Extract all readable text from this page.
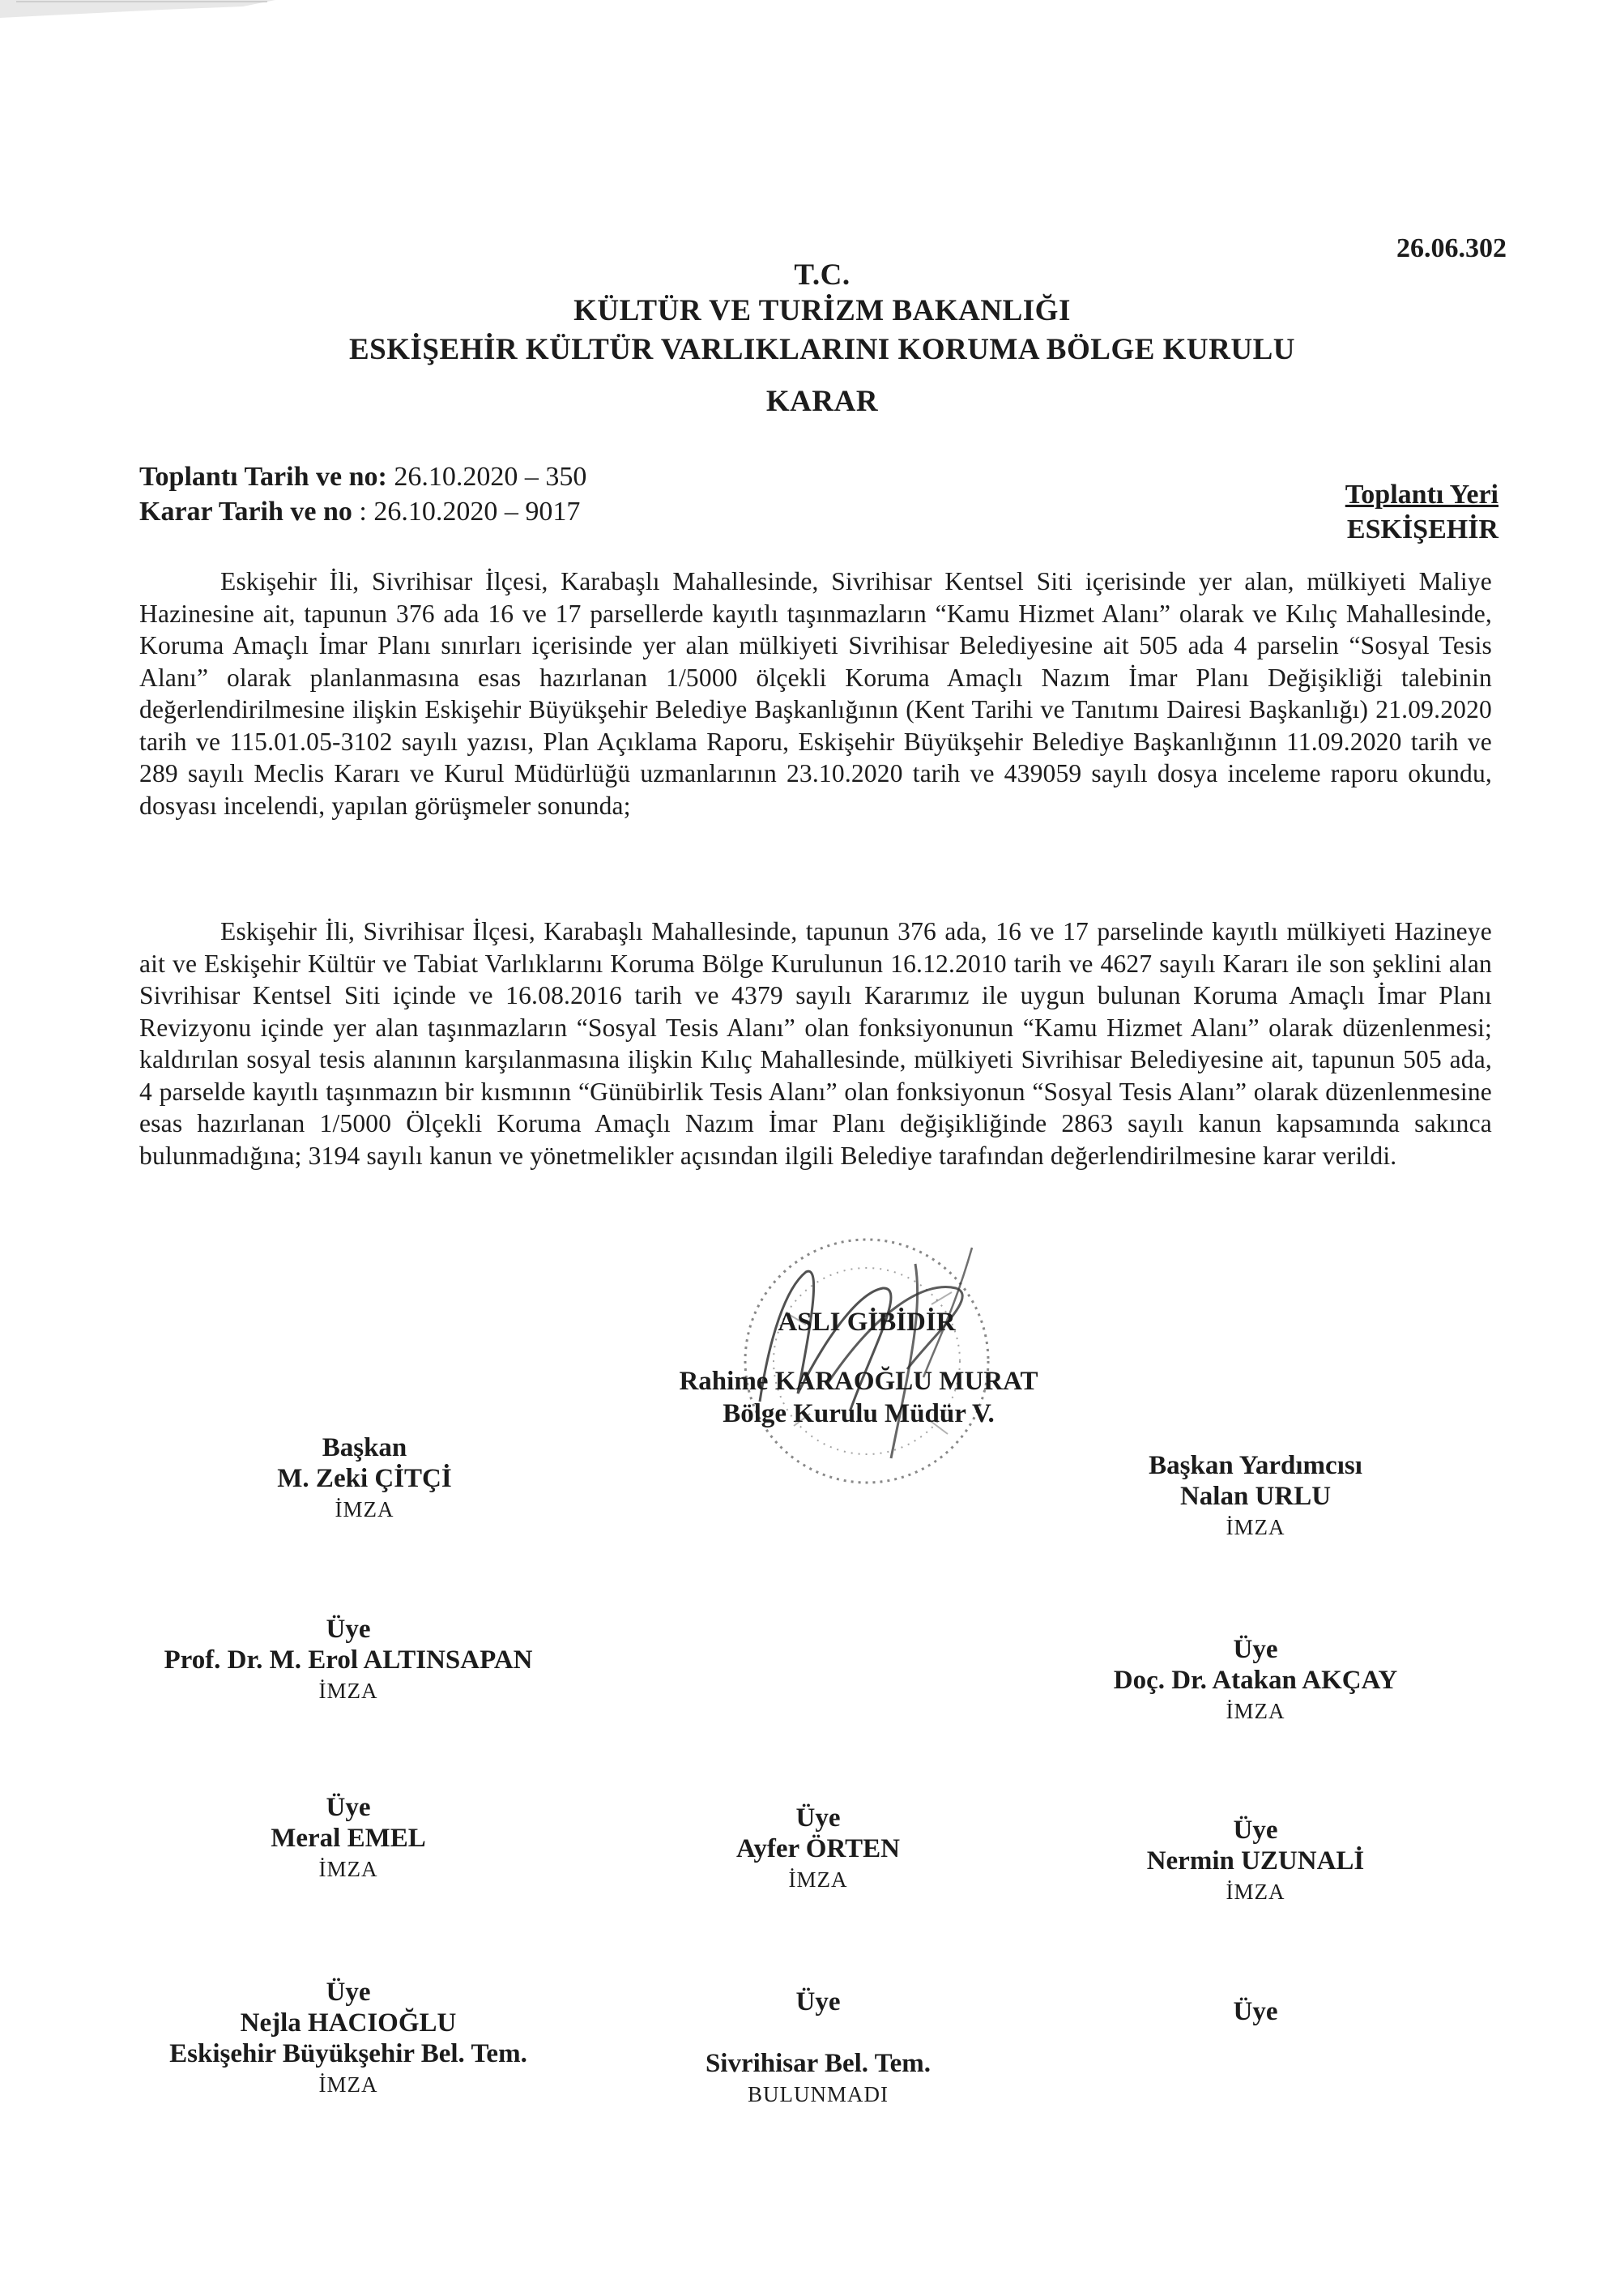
26.06.302
T.C.
KÜLTÜR VE TURİZM BAKANLIĞI
ESKİŞEHİR KÜLTÜR VARLIKLARINI KORUMA BÖLGE KURULU
KARAR
Toplantı Tarih ve no: 26.10.2020 – 350
Karar Tarih ve no : 26.10.2020 – 9017
Toplantı Yeri
ESKİŞEHİR
Eskişehir İli, Sivrihisar İlçesi, Karabaşlı Mahallesinde, Sivrihisar Kentsel Siti içerisinde yer alan, mülkiyeti Maliye Hazinesine ait, tapunun 376 ada 16 ve 17 parsellerde kayıtlı taşınmazların “Kamu Hizmet Alanı” olarak ve Kılıç Mahallesinde, Koruma Amaçlı İmar Planı sınırları içerisinde yer alan mülkiyeti Sivrihisar Belediyesine ait 505 ada 4 parselin “Sosyal Tesis Alanı” olarak planlanmasına esas hazırlanan 1/5000 ölçekli Koruma Amaçlı Nazım İmar Planı Değişikliği talebinin değerlendirilmesine ilişkin Eskişehir Büyükşehir Belediye Başkanlığının (Kent Tarihi ve Tanıtımı Dairesi Başkanlığı) 21.09.2020 tarih ve 115.01.05-3102 sayılı yazısı, Plan Açıklama Raporu, Eskişehir Büyükşehir Belediye Başkanlığının 11.09.2020 tarih ve 289 sayılı Meclis Kararı ve Kurul Müdürlüğü uzmanlarının 23.10.2020 tarih ve 439059 sayılı dosya inceleme raporu okundu, dosyası incelendi, yapılan görüşmeler sonunda;
Eskişehir İli, Sivrihisar İlçesi, Karabaşlı Mahallesinde, tapunun 376 ada, 16 ve 17 parselinde kayıtlı mülkiyeti Hazineye ait ve Eskişehir Kültür ve Tabiat Varlıklarını Koruma Bölge Kurulunun 16.12.2010 tarih ve 4627 sayılı Kararı ile son şeklini alan Sivrihisar Kentsel Siti içinde ve 16.08.2016 tarih ve 4379 sayılı Kararımız ile uygun bulunan Koruma Amaçlı İmar Planı Revizyonu içinde yer alan taşınmazların “Sosyal Tesis Alanı” olan fonksiyonunun “Kamu Hizmet Alanı” olarak düzenlenmesi; kaldırılan sosyal tesis alanının karşılanmasına ilişkin Kılıç Mahallesinde, mülkiyeti Sivrihisar Belediyesine ait, tapunun 505 ada, 4 parselde kayıtlı taşınmazın bir kısmının “Günübirlik Tesis Alanı” olan fonksiyonun “Sosyal Tesis Alanı” olarak düzenlenmesine esas hazırlanan 1/5000 Ölçekli Koruma Amaçlı Nazım İmar Planı değişikliğinde 2863 sayılı kanun kapsamında sakınca bulunmadığına; 3194 sayılı kanun ve yönetmelikler açısından ilgili Belediye tarafından değerlendirilmesine karar verildi.
ASLI GİBİDİR
Rahime KARAOĞLU MURAT
Bölge Kurulu Müdür V.
Başkan
M. Zeki ÇİTÇİ
İMZA
Başkan Yardımcısı
Nalan URLU
İMZA
Üye
Prof. Dr. M. Erol ALTINSAPAN
İMZA
Üye
Doç. Dr. Atakan AKÇAY
İMZA
Üye
Meral EMEL
İMZA
Üye
Ayfer ÖRTEN
İMZA
Üye
Nermin UZUNALİ
İMZA
Üye
Nejla HACIOĞLU
Eskişehir Büyükşehir Bel. Tem.
İMZA
Üye
Sivrihisar Bel. Tem.
BULUNMADI
Üye
